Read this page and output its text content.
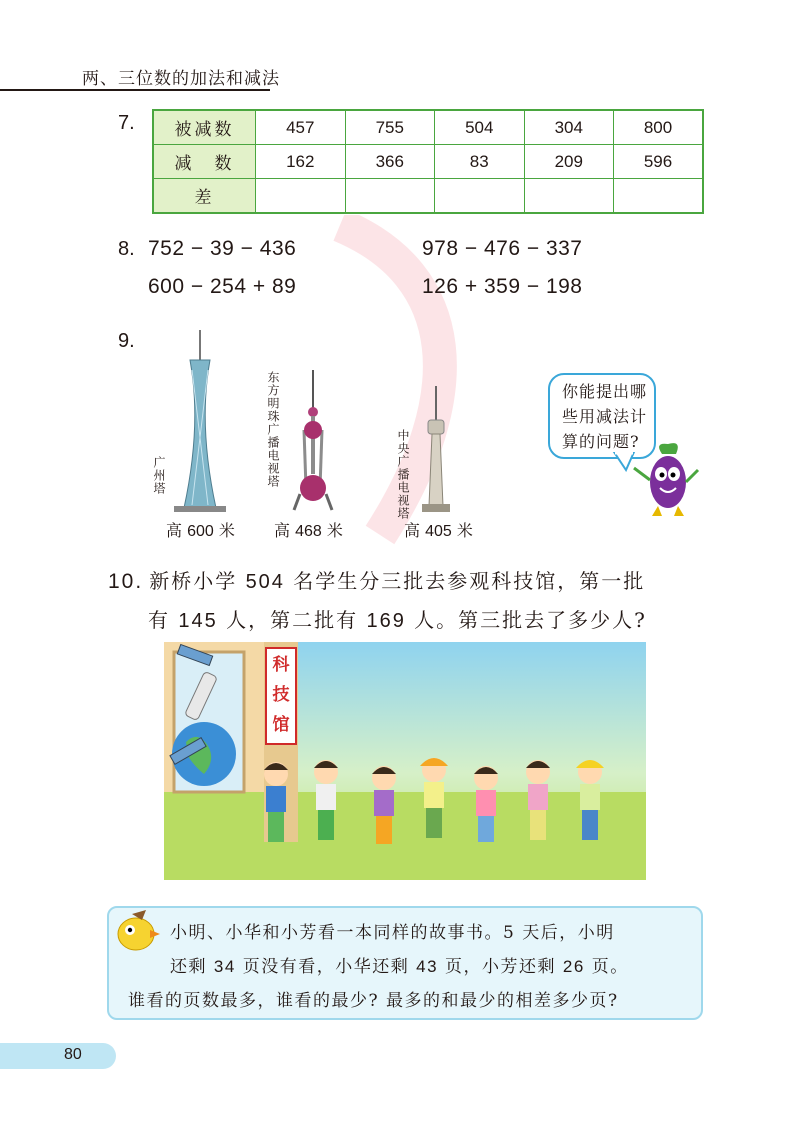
两、三位数的加法和减法
7. 被减数	457	755	504	304	800
减　数	162	366	83	209	596
差					
8. 752 − 39 − 436	978 − 476 − 337
600 − 254 + 89	126 + 359 − 198
9.
广州塔	东方明珠广播电视塔	中央广播电视塔
高 600 米 高 468 米	高 405 米
你能提出哪些用减法计算的问题?
10. 新桥小学 504 名学生分三批去参观科技馆，第一批
有 145 人，第二批有 169 人。第三批去了多少人?
科
技
馆
小明、小华和小芳看一本同样的故事书。5 天后，小明
还剩 34 页没有看，小华还剩 43 页，小芳还剩 26 页。
谁看的页数最多，谁看的最少? 最多的和最少的相差多少页?
80
